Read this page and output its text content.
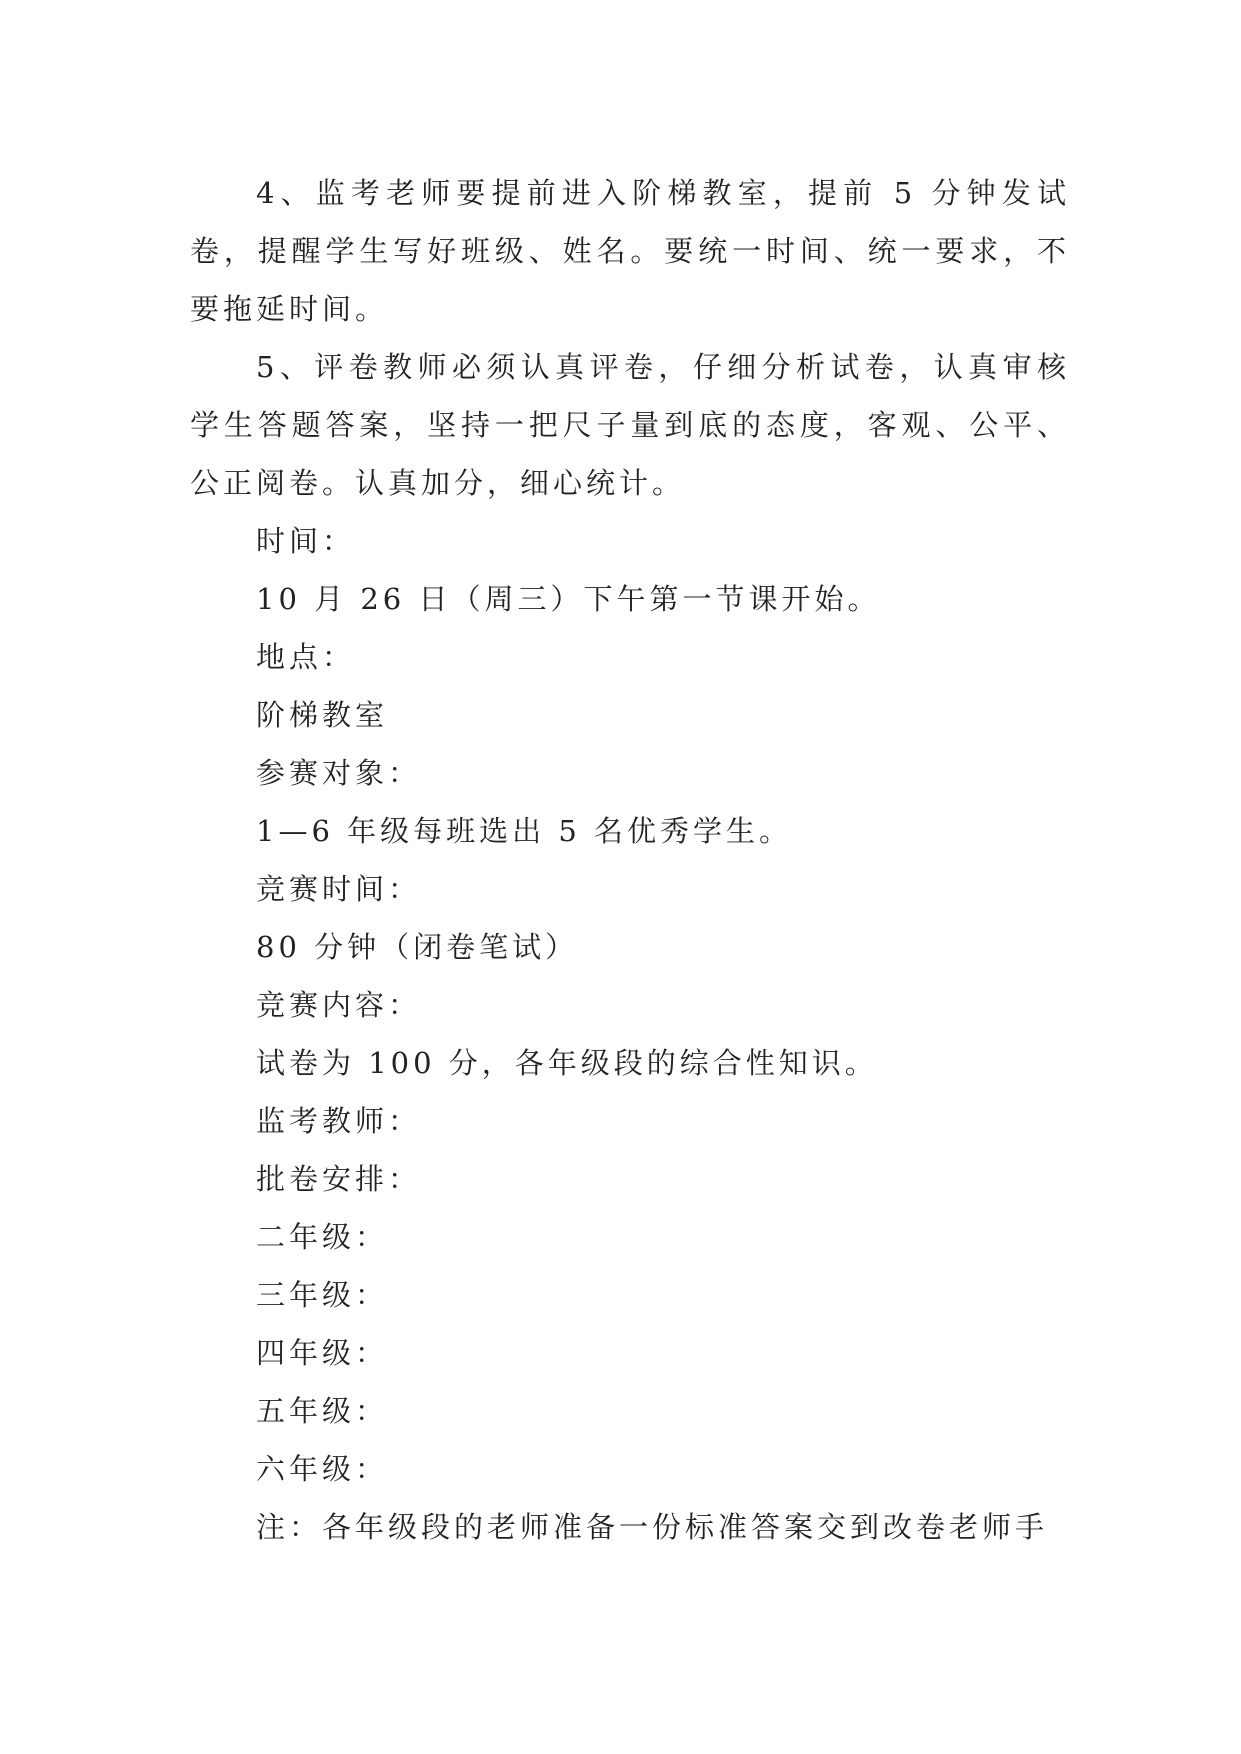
4、监考老师要提前进入阶梯教室，提前 5 分钟发试卷，提醒学生写好班级、姓名。要统一时间、统一要求，不要拖延时间。

5、评卷教师必须认真评卷，仔细分析试卷，认真审核学生答题答案，坚持一把尺子量到底的态度，客观、公平、公正阅卷。认真加分，细心统计。

时间：

10 月 26 日（周三）下午第一节课开始。

地点：

阶梯教室

参赛对象：

1—6 年级每班选出 5 名优秀学生。

竞赛时间：

80 分钟（闭卷笔试）

竞赛内容：

试卷为 100 分，各年级段的综合性知识。

监考教师：

批卷安排：

二年级：

三年级：

四年级：

五年级：

六年级：

注：各年级段的老师准备一份标准答案交到改卷老师手
